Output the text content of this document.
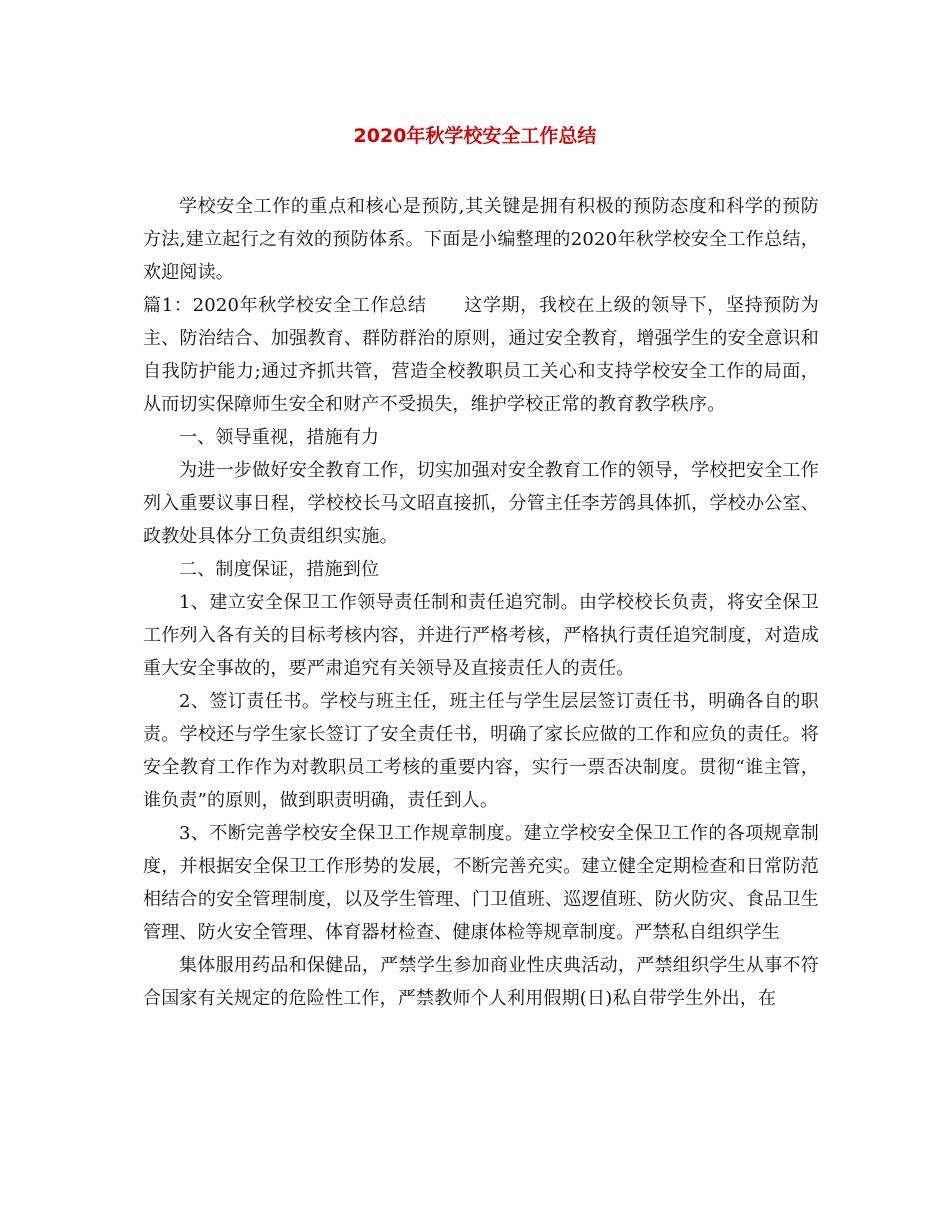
2020年秋学校安全工作总结

学校安全工作的重点和核心是预防,其关键是拥有积极的预防态度和科学的预防方法,建立起行之有效的预防体系。下面是小编整理的2020年秋学校安全工作总结，欢迎阅读。

篇1：2020年秋学校安全工作总结　　这学期，我校在上级的领导下，坚持预防为主、防治结合、加强教育、群防群治的原则，通过安全教育，增强学生的安全意识和自我防护能力;通过齐抓共管，营造全校教职员工关心和支持学校安全工作的局面，从而切实保障师生安全和财产不受损失，维护学校正常的教育教学秩序。

一、领导重视，措施有力

为进一步做好安全教育工作，切实加强对安全教育工作的领导，学校把安全工作列入重要议事日程，学校校长马文昭直接抓，分管主任李芳鸽具体抓，学校办公室、政教处具体分工负责组织实施。

二、制度保证，措施到位

1、建立安全保卫工作领导责任制和责任追究制。由学校校长负责，将安全保卫工作列入各有关的目标考核内容，并进行严格考核，严格执行责任追究制度，对造成重大安全事故的，要严肃追究有关领导及直接责任人的责任。

2、签订责任书。学校与班主任，班主任与学生层层签订责任书，明确各自的职责。学校还与学生家长签订了安全责任书，明确了家长应做的工作和应负的责任。将安全教育工作作为对教职员工考核的重要内容，实行一票否决制度。贯彻“谁主管，谁负责”的原则，做到职责明确，责任到人。

3、不断完善学校安全保卫工作规章制度。建立学校安全保卫工作的各项规章制度，并根据安全保卫工作形势的发展，不断完善充实。建立健全定期检查和日常防范相结合的安全管理制度，以及学生管理、门卫值班、巡逻值班、防火防灾、食品卫生管理、防火安全管理、体育器材检查、健康体检等规章制度。严禁私自组织学生

集体服用药品和保健品，严禁学生参加商业性庆典活动，严禁组织学生从事不符合国家有关规定的危险性工作，严禁教师个人利用假期(日)私自带学生外出，在
